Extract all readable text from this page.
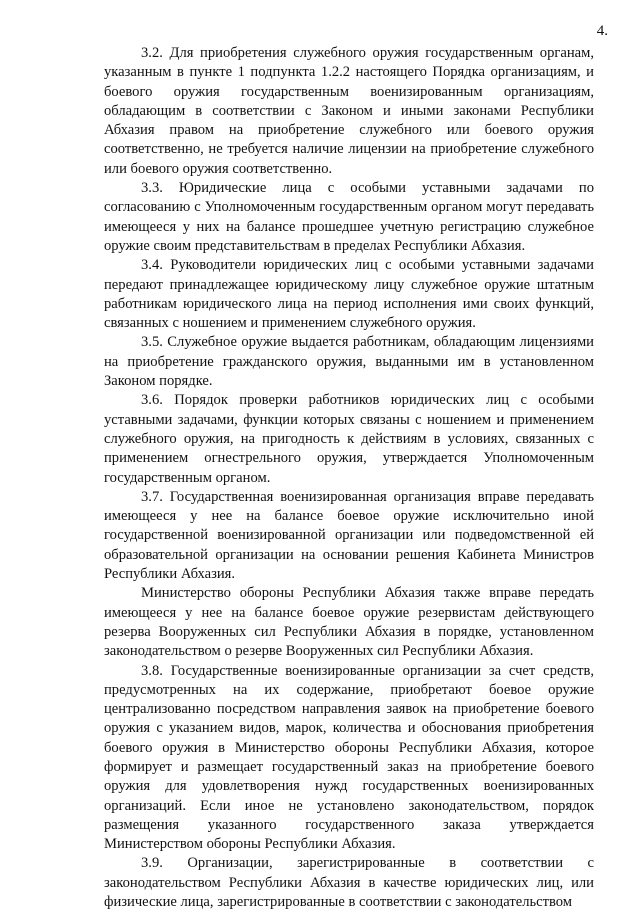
4.

3.2. Для приобретения служебного оружия государственным органам, указанным в пункте 1 подпункта 1.2.2 настоящего Порядка организациям, и боевого оружия государственным военизированным организациям, обладающим в соответствии с Законом и иными законами Республики Абхазия правом на приобретение служебного или боевого оружия соответственно, не требуется наличие лицензии на приобретение служебного или боевого оружия соответственно.

3.3. Юридические лица с особыми уставными задачами по согласованию с Уполномоченным государственным органом могут передавать имеющееся у них на балансе прошедшее учетную регистрацию служебное оружие своим представительствам в пределах Республики Абхазия.

3.4. Руководители юридических лиц с особыми уставными задачами передают принадлежащее юридическому лицу служебное оружие штатным работникам юридического лица на период исполнения ими своих функций, связанных с ношением и применением служебного оружия.

3.5. Служебное оружие выдается работникам, обладающим лицензиями на приобретение гражданского оружия, выданными им в установленном Законом порядке.

3.6. Порядок проверки работников юридических лиц с особыми уставными задачами, функции которых связаны с ношением и применением служебного оружия, на пригодность к действиям в условиях, связанных с применением огнестрельного оружия, утверждается Уполномоченным государственным органом.

3.7. Государственная военизированная организация вправе передавать имеющееся у нее на балансе боевое оружие исключительно иной государственной военизированной организации или подведомственной ей образовательной организации на основании решения Кабинета Министров Республики Абхазия.

Министерство обороны Республики Абхазия также вправе передать имеющееся у нее на балансе боевое оружие резервистам действующего резерва Вооруженных сил Республики Абхазия в порядке, установленном законодательством о резерве Вооруженных сил Республики Абхазия.

3.8. Государственные военизированные организации за счет средств, предусмотренных на их содержание, приобретают боевое оружие централизованно посредством направления заявок на приобретение боевого оружия с указанием видов, марок, количества и обоснования приобретения боевого оружия в Министерство обороны Республики Абхазия, которое формирует и размещает государственный заказ на приобретение боевого оружия для удовлетворения нужд государственных военизированных организаций. Если иное не установлено законодательством, порядок размещения указанного государственного заказа утверждается Министерством обороны Республики Абхазия.

3.9. Организации, зарегистрированные в соответствии с законодательством Республики Абхазия в качестве юридических лиц, или физические лица, зарегистрированные в соответствии с законодательством
